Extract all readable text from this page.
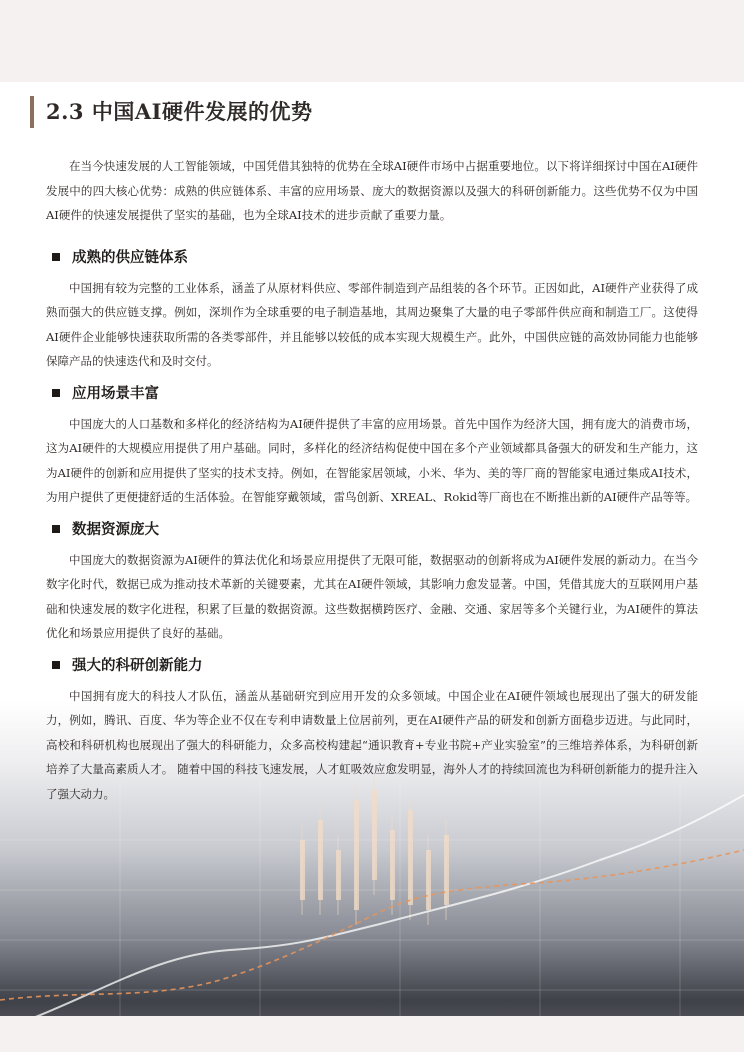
2.3 中国AI硬件发展的优势

在当今快速发展的人工智能领域，中国凭借其独特的优势在全球AI硬件市场中占据重要地位。以下将详细探讨中国在AI硬件发展中的四大核心优势：成熟的供应链体系、丰富的应用场景、庞大的数据资源以及强大的科研创新能力。这些优势不仅为中国AI硬件的快速发展提供了坚实的基础，也为全球AI技术的进步贡献了重要力量。

成熟的供应链体系

中国拥有较为完整的工业体系，涵盖了从原材料供应、零部件制造到产品组装的各个环节。正因如此，AI硬件产业获得了成熟而强大的供应链支撑。例如，深圳作为全球重要的电子制造基地，其周边聚集了大量的电子零部件供应商和制造工厂。这使得AI硬件企业能够快速获取所需的各类零部件，并且能够以较低的成本实现大规模生产。此外，中国供应链的高效协同能力也能够保障产品的快速迭代和及时交付。

应用场景丰富

中国庞大的人口基数和多样化的经济结构为AI硬件提供了丰富的应用场景。首先中国作为经济大国，拥有庞大的消费市场，这为AI硬件的大规模应用提供了用户基础。同时，多样化的经济结构促使中国在多个产业领域都具备强大的研发和生产能力，这为AI硬件的创新和应用提供了坚实的技术支持。例如，在智能家居领域，小米、华为、美的等厂商的智能家电通过集成AI技术，为用户提供了更便捷舒适的生活体验。在智能穿戴领域，雷鸟创新、XREAL、Rokid等厂商也在不断推出新的AI硬件产品等等。

数据资源庞大

中国庞大的数据资源为AI硬件的算法优化和场景应用提供了无限可能，数据驱动的创新将成为AI硬件发展的新动力。在当今数字化时代，数据已成为推动技术革新的关键要素，尤其在AI硬件领域，其影响力愈发显著。中国，凭借其庞大的互联网用户基础和快速发展的数字化进程，积累了巨量的数据资源。这些数据横跨医疗、金融、交通、家居等多个关键行业，为AI硬件的算法优化和场景应用提供了良好的基础。

强大的科研创新能力

中国拥有庞大的科技人才队伍，涵盖从基础研究到应用开发的众多领域。中国企业在AI硬件领域也展现出了强大的研发能力，例如，腾讯、百度、华为等企业不仅在专利申请数量上位居前列，更在AI硬件产品的研发和创新方面稳步迈进。与此同时，高校和科研机构也展现出了强大的科研能力，众多高校构建起“通识教育+专业书院+产业实验室”的三维培养体系，为科研创新培养了大量高素质人才。 随着中国的科技飞速发展，人才虹吸效应愈发明显，海外人才的持续回流也为科研创新能力的提升注入了强大动力。
